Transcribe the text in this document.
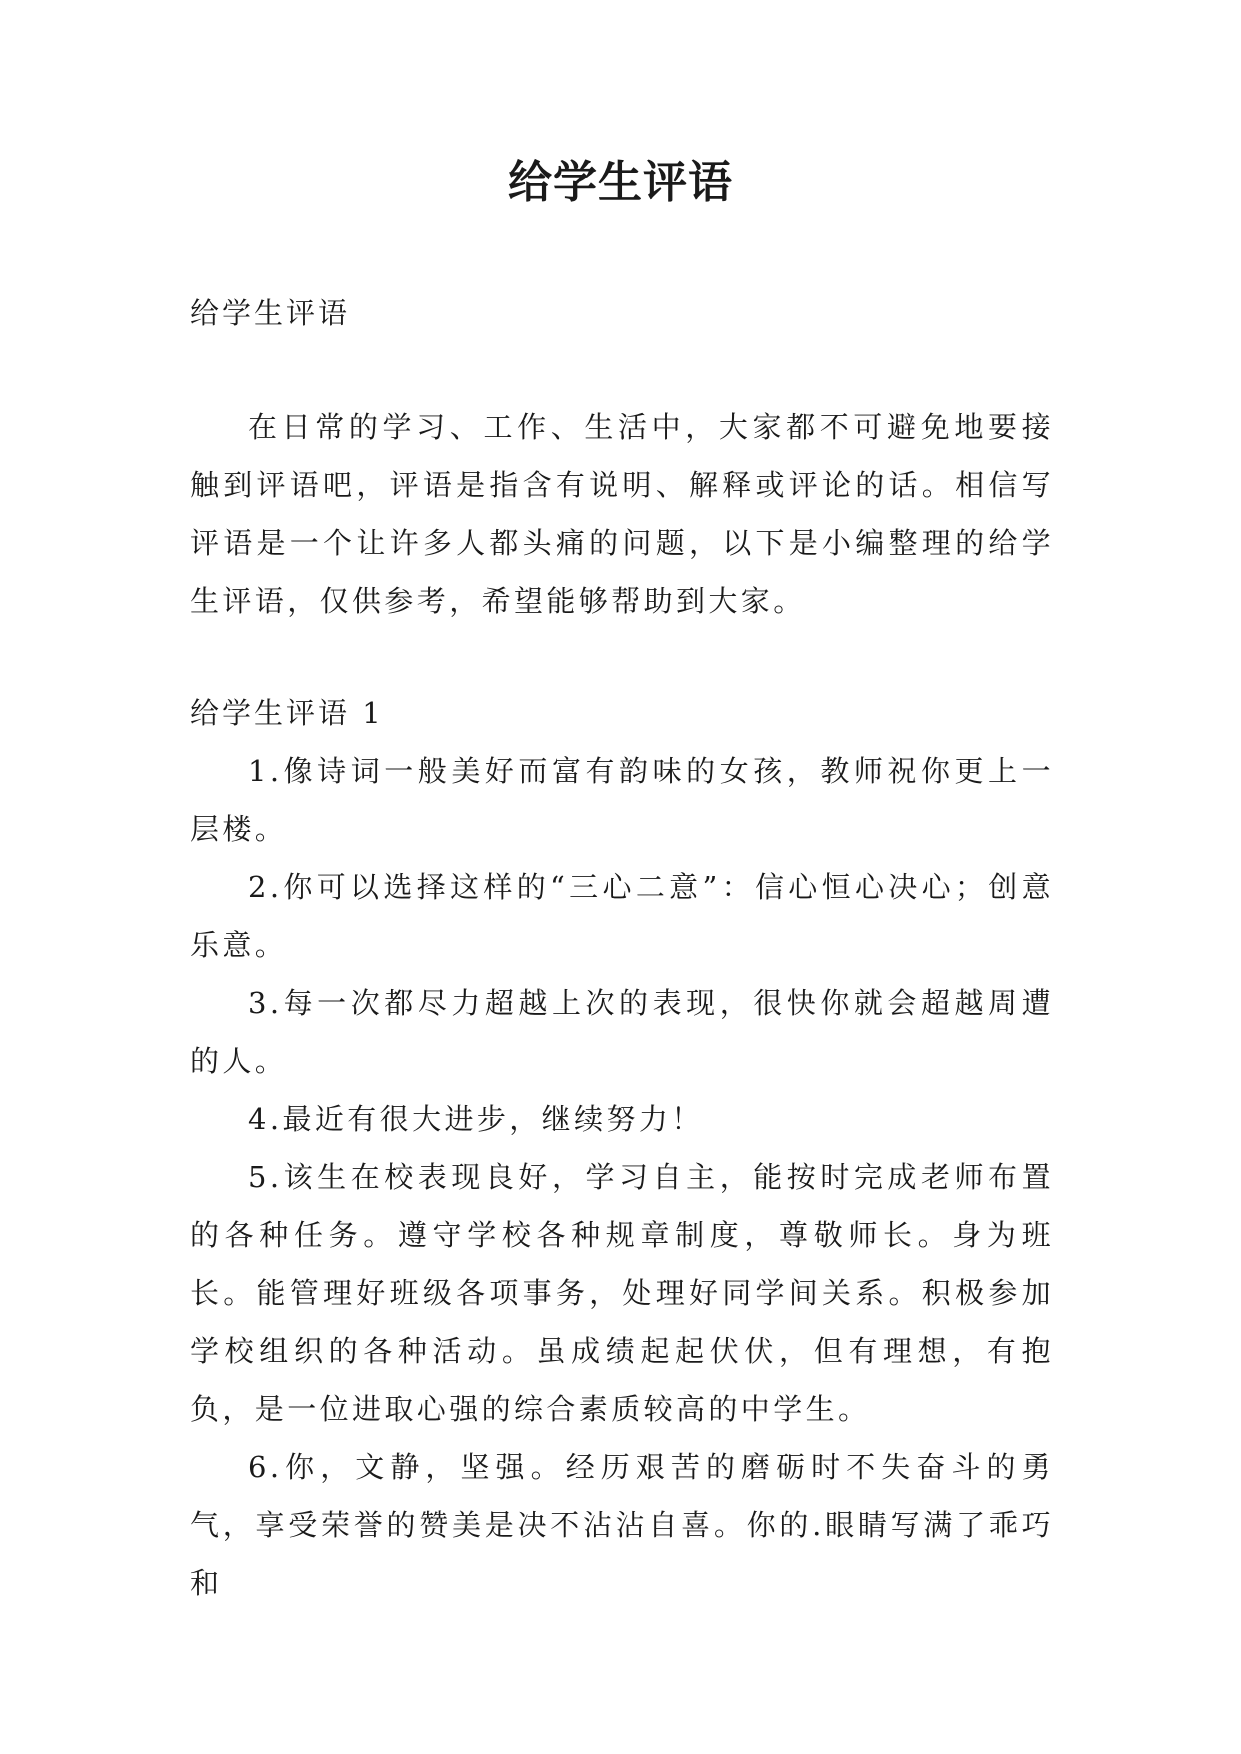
给学生评语

给学生评语

在日常的学习、工作、生活中，大家都不可避免地要接触到评语吧，评语是指含有说明、解释或评论的话。相信写评语是一个让许多人都头痛的问题，以下是小编整理的给学生评语，仅供参考，希望能够帮助到大家。

给学生评语 1

1.像诗词一般美好而富有韵味的女孩，教师祝你更上一层楼。

2.你可以选择这样的“三心二意”：信心恒心决心；创意乐意。

3.每一次都尽力超越上次的表现，很快你就会超越周遭的人。

4.最近有很大进步，继续努力！

5.该生在校表现良好，学习自主，能按时完成老师布置的各种任务。遵守学校各种规章制度，尊敬师长。身为班长。能管理好班级各项事务，处理好同学间关系。积极参加学校组织的各种活动。虽成绩起起伏伏，但有理想，有抱负，是一位进取心强的综合素质较高的中学生。

6.你，文静，坚强。经历艰苦的磨砺时不失奋斗的勇气，享受荣誉的赞美是决不沾沾自喜。你的.眼睛写满了乖巧和
